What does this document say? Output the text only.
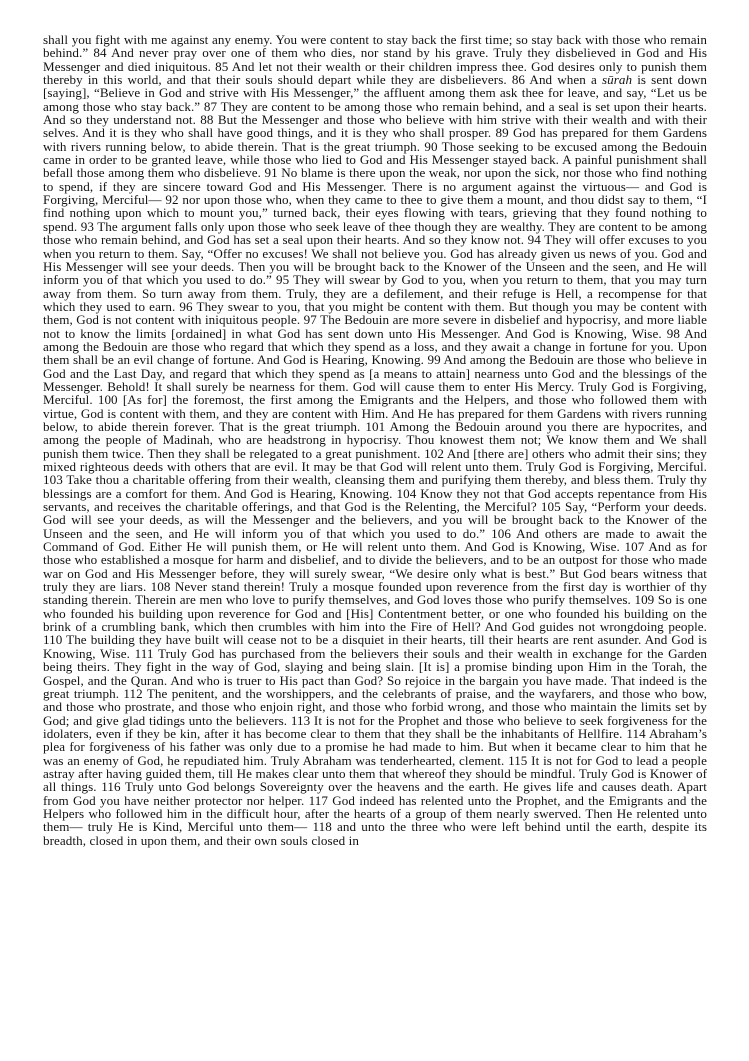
shall you fight with me against any enemy. You were content to stay back the first time; so stay back with those who remain behind.” 84 And never pray over one of them who dies, nor stand by his grave. Truly they disbelieved in God and His Messenger and died iniquitous. 85 And let not their wealth or their children impress thee. God desires only to punish them thereby in this world, and that their souls should depart while they are disbelievers. 86 And when a sūrah is sent down [saying], “Believe in God and strive with His Messenger,” the affluent among them ask thee for leave, and say, “Let us be among those who stay back.” 87 They are content to be among those who remain behind, and a seal is set upon their hearts. And so they understand not. 88 But the Messenger and those who believe with him strive with their wealth and with their selves. And it is they who shall have good things, and it is they who shall prosper. 89 God has prepared for them Gardens with rivers running below, to abide therein. That is the great triumph. 90 Those seeking to be excused among the Bedouin came in order to be granted leave, while those who lied to God and His Messenger stayed back. A painful punishment shall befall those among them who disbelieve. 91 No blame is there upon the weak, nor upon the sick, nor those who find nothing to spend, if they are sincere toward God and His Messenger. There is no argument against the virtuous— and God is Forgiving, Merciful— 92 nor upon those who, when they came to thee to give them a mount, and thou didst say to them, “I find nothing upon which to mount you,” turned back, their eyes flowing with tears, grieving that they found nothing to spend. 93 The argument falls only upon those who seek leave of thee though they are wealthy. They are content to be among those who remain behind, and God has set a seal upon their hearts. And so they know not. 94 They will offer excuses to you when you return to them. Say, “Offer no excuses! We shall not believe you. God has already given us news of you. God and His Messenger will see your deeds. Then you will be brought back to the Knower of the Unseen and the seen, and He will inform you of that which you used to do.” 95 They will swear by God to you, when you return to them, that you may turn away from them. So turn away from them. Truly, they are a defilement, and their refuge is Hell, a recompense for that which they used to earn. 96 They swear to you, that you might be content with them. But though you may be content with them, God is not content with iniquitous people. 97 The Bedouin are more severe in disbelief and hypocrisy, and more liable not to know the limits [ordained] in what God has sent down unto His Messenger. And God is Knowing, Wise. 98 And among the Bedouin are those who regard that which they spend as a loss, and they await a change in fortune for you. Upon them shall be an evil change of fortune. And God is Hearing, Knowing. 99 And among the Bedouin are those who believe in God and the Last Day, and regard that which they spend as [a means to attain] nearness unto God and the blessings of the Messenger. Behold! It shall surely be nearness for them. God will cause them to enter His Mercy. Truly God is Forgiving, Merciful. 100 [As for] the foremost, the first among the Emigrants and the Helpers, and those who followed them with virtue, God is content with them, and they are content with Him. And He has prepared for them Gardens with rivers running below, to abide therein forever. That is the great triumph. 101 Among the Bedouin around you there are hypocrites, and among the people of Madinah, who are headstrong in hypocrisy. Thou knowest them not; We know them and We shall punish them twice. Then they shall be relegated to a great punishment. 102 And [there are] others who admit their sins; they mixed righteous deeds with others that are evil. It may be that God will relent unto them. Truly God is Forgiving, Merciful. 103 Take thou a charitable offering from their wealth, cleansing them and purifying them thereby, and bless them. Truly thy blessings are a comfort for them. And God is Hearing, Knowing. 104 Know they not that God accepts repentance from His servants, and receives the charitable offerings, and that God is the Relenting, the Merciful? 105 Say, “Perform your deeds. God will see your deeds, as will the Messenger and the believers, and you will be brought back to the Knower of the Unseen and the seen, and He will inform you of that which you used to do.” 106 And others are made to await the Command of God. Either He will punish them, or He will relent unto them. And God is Knowing, Wise. 107 And as for those who established a mosque for harm and disbelief, and to divide the believers, and to be an outpost for those who made war on God and His Messenger before, they will surely swear, “We desire only what is best.” But God bears witness that truly they are liars. 108 Never stand therein! Truly a mosque founded upon reverence from the first day is worthier of thy standing therein. Therein are men who love to purify themselves, and God loves those who purify themselves. 109 So is one who founded his building upon reverence for God and [His] Contentment better, or one who founded his building on the brink of a crumbling bank, which then crumbles with him into the Fire of Hell? And God guides not wrongdoing people. 110 The building they have built will cease not to be a disquiet in their hearts, till their hearts are rent asunder. And God is Knowing, Wise. 111 Truly God has purchased from the believers their souls and their wealth in exchange for the Garden being theirs. They fight in the way of God, slaying and being slain. [It is] a promise binding upon Him in the Torah, the Gospel, and the Quran. And who is truer to His pact than God? So rejoice in the bargain you have made. That indeed is the great triumph. 112 The penitent, and the worshippers, and the celebrants of praise, and the wayfarers, and those who bow, and those who prostrate, and those who enjoin right, and those who forbid wrong, and those who maintain the limits set by God; and give glad tidings unto the believers. 113 It is not for the Prophet and those who believe to seek forgiveness for the idolaters, even if they be kin, after it has become clear to them that they shall be the inhabitants of Hellfire. 114 Abraham’s plea for forgiveness of his father was only due to a promise he had made to him. But when it became clear to him that he was an enemy of God, he repudiated him. Truly Abraham was tenderhearted, clement. 115 It is not for God to lead a people astray after having guided them, till He makes clear unto them that whereof they should be mindful. Truly God is Knower of all things. 116 Truly unto God belongs Sovereignty over the heavens and the earth. He gives life and causes death. Apart from God you have neither protector nor helper. 117 God indeed has relented unto the Prophet, and the Emigrants and the Helpers who followed him in the difficult hour, after the hearts of a group of them nearly swerved. Then He relented unto them— truly He is Kind, Merciful unto them— 118 and unto the three who were left behind until the earth, despite its breadth, closed in upon them, and their own souls closed in
